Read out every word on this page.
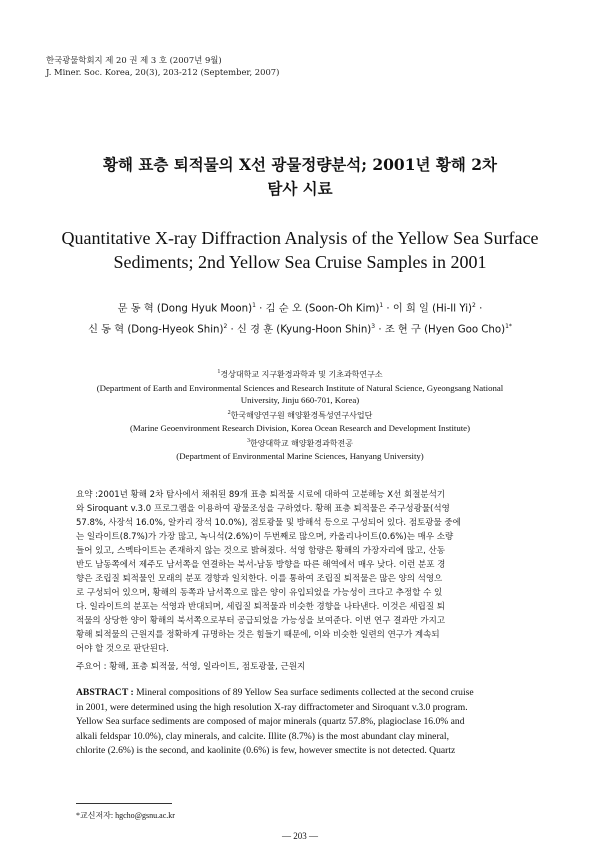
한국광물학회지 제 20 권 제 3 호 (2007년 9월)
J. Miner. Soc. Korea, 20(3), 203-212 (September, 2007)
황해 표층 퇴적물의 X선 광물정량분석; 2001년 황해 2차
탐사 시료
Quantitative X-ray Diffraction Analysis of the Yellow Sea Surface
Sediments; 2nd Yellow Sea Cruise Samples in 2001
문 동 혁 (Dong Hyuk Moon)$^1$ · 김 순 오 (Soon-Oh Kim)$^1$ · 이 희 일 (Hi-Il Yi)$^2$ ·
신 동 혁 (Dong-Hyeok Shin)$^2$ · 신 경 훈 (Kyung-Hoon Shin)$^3$ · 조 현 구 (Hyen Goo Cho)$^{1*}$
$^1$경상대학교 지구환경과학과 및 기초과학연구소
(Department of Earth and Environmental Sciences and Research Institute of Natural Science, Gyeongsang National
University, Jinju 660-701, Korea)
$^2$한국해양연구원 해양환경특성연구사업단
(Marine Geoenvironment Research Division, Korea Ocean Research and Development Institute)
$^3$한양대학교 해양환경과학전공
(Department of Environmental Marine Sciences, Hanyang University)
요약 :2001년 황해 2차 탐사에서 채취된 89개 표층 퇴적물 시료에 대하여 고분해능 X선 회절분석기
와 Siroquant v.3.0 프로그램을 이용하여 광물조성을 구하였다. 황해 표층 퇴적물은 주구성광물(석영
57.8%, 사장석 16.0%, 알카리 장석 10.0%), 점토광물 및 방해석 등으로 구성되어 있다. 점토광물 중에
는 일라이트(8.7%)가 가장 많고, 녹니석(2.6%)이 두번째로 많으며, 카올리나이트(0.6%)는 매우 소량
들어 있고, 스멕타이트는 존재하지 않는 것으로 밝혀졌다. 석영 함량은 황해의 가장자리에 많고, 산동
반도 남동쪽에서 제주도 남서쪽을 연결하는 북서-남동 방향을 따른 해역에서 매우 낮다. 이런 분포 경
향은 조립질 퇴적물인 모래의 분포 경향과 일치한다. 이를 통하여 조립질 퇴적물은 많은 양의 석영으
로 구성되어 있으며, 황해의 동쪽과 남서쪽으로 많은 양이 유입되었을 가능성이 크다고 추정할 수 있
다. 일라이트의 분포는 석영과 반대되며, 세립질 퇴적물과 비슷한 경향을 나타낸다. 이것은 세립질 퇴
적물의 상당한 양이 황해의 북서쪽으로부터 공급되었을 가능성을 보여준다. 이번 연구 결과만 가지고
황해 퇴적물의 근원지를 정확하게 규명하는 것은 힘들기 때문에, 이와 비슷한 일련의 연구가 계속되
어야 할 것으로 판단된다.
주요어 : 황해, 표층 퇴적물, 석영, 일라이트, 점토광물, 근원지
ABSTRACT : Mineral compositions of 89 Yellow Sea surface sediments collected at the second cruise
in 2001, were determined using the high resolution X-ray diffractometer and Siroquant v.3.0 program.
Yellow Sea surface sediments are composed of major minerals (quartz 57.8%, plagioclase 16.0% and
alkali feldspar 10.0%), clay minerals, and calcite. Illite (8.7%) is the most abundant clay mineral,
chlorite (2.6%) is the second, and kaolinite (0.6%) is few, however smectite is not detected. Quartz
*교신저자: hgcho@gsnu.ac.kr
— 203 —
